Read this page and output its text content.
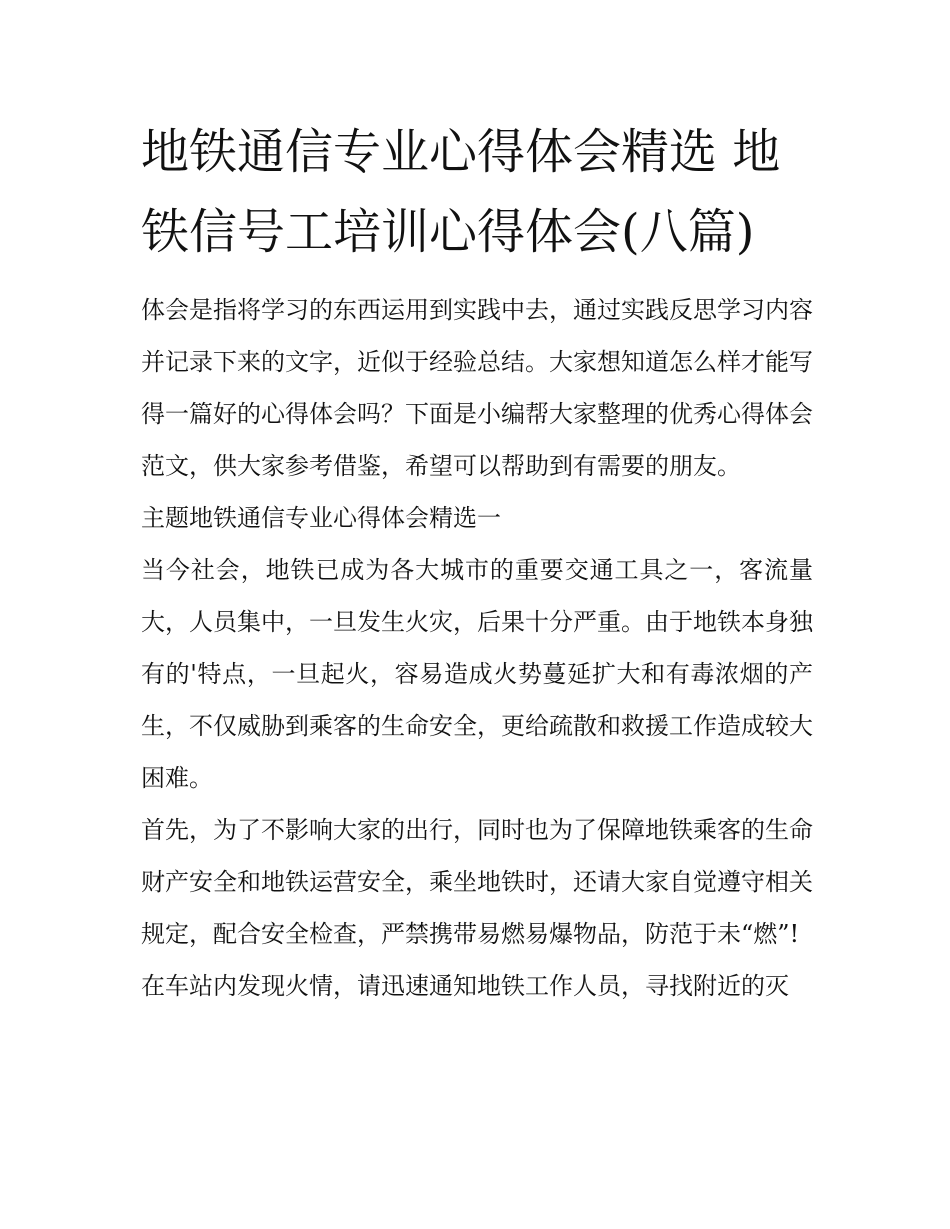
地铁通信专业心得体会精选 地铁信号工培训心得体会(八篇)

体会是指将学习的东西运用到实践中去，通过实践反思学习内容并记录下来的文字，近似于经验总结。大家想知道怎么样才能写得一篇好的心得体会吗？下面是小编帮大家整理的优秀心得体会范文，供大家参考借鉴，希望可以帮助到有需要的朋友。

主题地铁通信专业心得体会精选一

当今社会，地铁已成为各大城市的重要交通工具之一，客流量大，人员集中，一旦发生火灾，后果十分严重。由于地铁本身独有的'特点，一旦起火，容易造成火势蔓延扩大和有毒浓烟的产生，不仅威胁到乘客的生命安全，更给疏散和救援工作造成较大困难。

首先，为了不影响大家的出行，同时也为了保障地铁乘客的生命财产安全和地铁运营安全，乘坐地铁时，还请大家自觉遵守相关规定，配合安全检查，严禁携带易燃易爆物品，防范于未“燃”!

在车站内发现火情，请迅速通知地铁工作人员，寻找附近的灭
